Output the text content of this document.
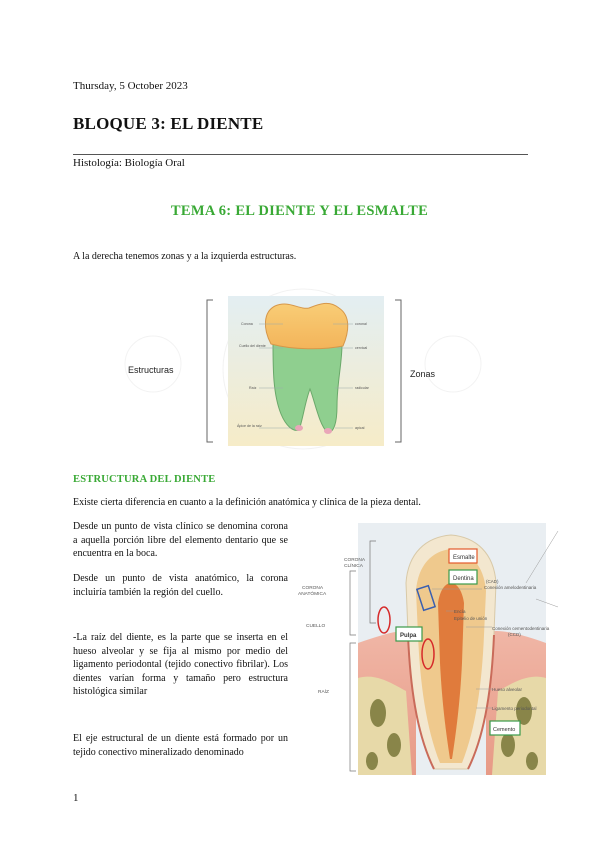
Thursday, 5 October 2023
BLOQUE 3: EL DIENTE
Histología: Biología Oral
TEMA 6: EL DIENTE Y EL ESMALTE
A la derecha tenemos zonas y a la izquierda estructuras.
Corona
Cuello del diente
Raíz
Ápice de la raíz
coronal
cervical
radicular
apical
Estructuras	Zonas
ESTRUCTURA DEL DIENTE
Existe cierta diferencia en cuanto a la definición anatómica y clínica de la pieza dental.
Desde un punto de vista clínico se denomina corona a aquella porción libre del elemento dentario que se encuentra en la boca.
Desde un punto de vista anatómico, la corona incluiría también la región del cuello.
-La raíz del diente, es la parte que se inserta en el hueso alveolar y se fija al mismo por medio del ligamento periodontal (tejido conectivo fibrilar). Los dientes varían forma y tamaño pero estructura histológica similar
El eje estructural de un diente está formado por un tejido conectivo mineralizado denominado
Esmalte
Dentina
Pulpa
Cemento
CORONA
CLÍNICA
CORONA
ANATÓMICA
CUELLO
RAÍZ
(CAD)
Conexión amelodentinaria
Encía
Epitelio de unión
Conexión cementodentinaria
(CCD)
Hueso alveolar
Ligamento periodontal
1
